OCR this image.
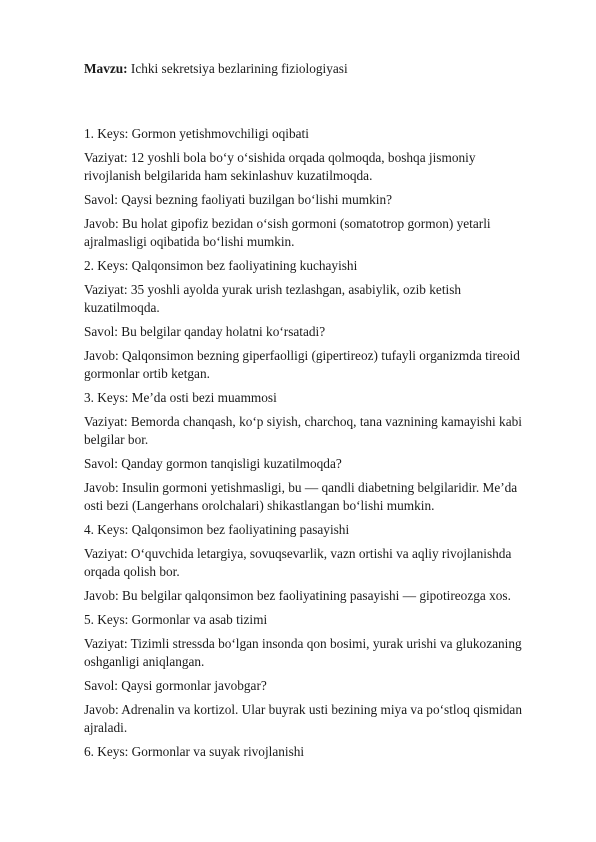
Mavzu: Ichki sekretsiya bezlarining fiziologiyasi
1. Keys: Gormon yetishmovchiligi oqibati
Vaziyat: 12 yoshli bola bo‘y o‘sishida orqada qolmoqda, boshqa jismoniy
rivojlanish belgilarida ham sekinlashuv kuzatilmoqda.
Savol: Qaysi bezning faoliyati buzilgan bo‘lishi mumkin?
Javob: Bu holat gipofiz bezidan o‘sish gormoni (somatotrop gormon) yetarli
ajralmasligi oqibatida bo‘lishi mumkin.
2. Keys: Qalqonsimon bez faoliyatining kuchayishi
Vaziyat: 35 yoshli ayolda yurak urish tezlashgan, asabiylik, ozib ketish
kuzatilmoqda.
Savol: Bu belgilar qanday holatni ko‘rsatadi?
Javob: Qalqonsimon bezning giperfaolligi (gipertireoz) tufayli organizmda tireoid
gormonlar ortib ketgan.
3. Keys: Me’da osti bezi muammosi
Vaziyat: Bemorda chanqash, ko‘p siyish, charchoq, tana vaznining kamayishi kabi
belgilar bor.
Savol: Qanday gormon tanqisligi kuzatilmoqda?
Javob: Insulin gormoni yetishmasligi, bu — qandli diabetning belgilaridir. Me’da
osti bezi (Langerhans orolchalari) shikastlangan bo‘lishi mumkin.
4. Keys: Qalqonsimon bez faoliyatining pasayishi
Vaziyat: O‘quvchida letargiya, sovuqsevarlik, vazn ortishi va aqliy rivojlanishda
orqada qolish bor.
Javob: Bu belgilar qalqonsimon bez faoliyatining pasayishi — gipotireozga xos.
5. Keys: Gormonlar va asab tizimi
Vaziyat: Tizimli stressda bo‘lgan insonda qon bosimi, yurak urishi va glukozaning
oshganligi aniqlangan.
Savol: Qaysi gormonlar javobgar?
Javob: Adrenalin va kortizol. Ular buyrak usti bezining miya va po‘stloq qismidan
ajraladi.
6. Keys: Gormonlar va suyak rivojlanishi
